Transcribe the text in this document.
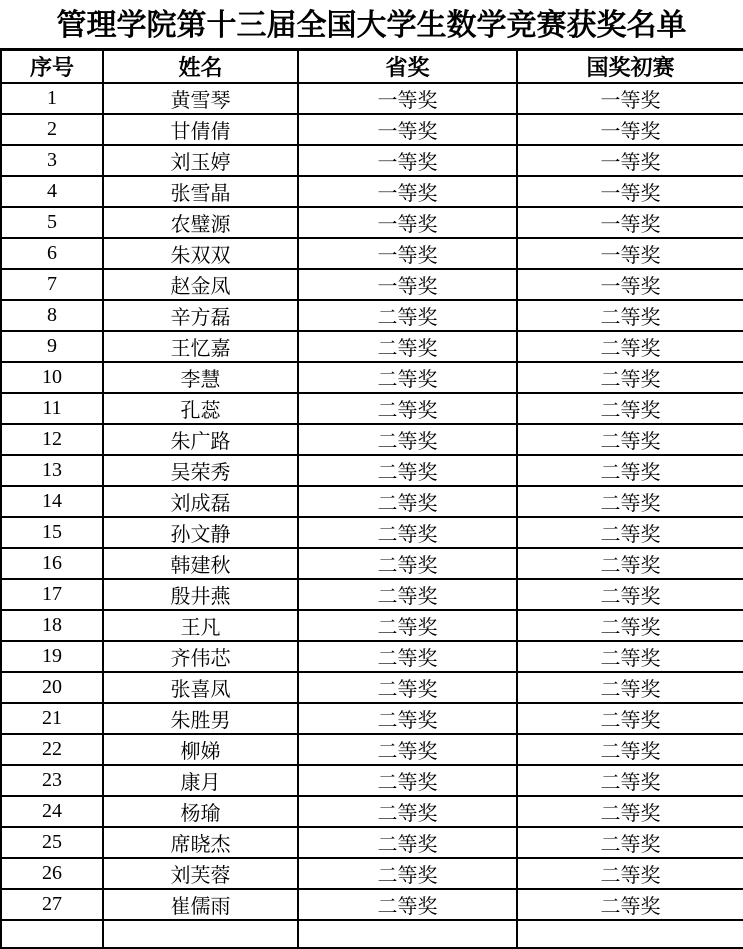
管理学院第十三届全国大学生数学竞赛获奖名单
序号	姓名	省奖	国奖初赛
1	黄雪琴	一等奖	一等奖
2	甘倩倩	一等奖	一等奖
3	刘玉婷	一等奖	一等奖
4	张雪晶	一等奖	一等奖
5	农璧源	一等奖	一等奖
6	朱双双	一等奖	一等奖
7	赵金凤	一等奖	一等奖
8	辛方磊	二等奖	二等奖
9	王忆嘉	二等奖	二等奖
10	李慧	二等奖	二等奖
11	孔蕊	二等奖	二等奖
12	朱广路	二等奖	二等奖
13	吴荣秀	二等奖	二等奖
14	刘成磊	二等奖	二等奖
15	孙文静	二等奖	二等奖
16	韩建秋	二等奖	二等奖
17	殷井燕	二等奖	二等奖
18	王凡	二等奖	二等奖
19	齐伟芯	二等奖	二等奖
20	张喜凤	二等奖	二等奖
21	朱胜男	二等奖	二等奖
22	柳娣	二等奖	二等奖
23	康月	二等奖	二等奖
24	杨瑜	二等奖	二等奖
25	席晓杰	二等奖	二等奖
26	刘芙蓉	二等奖	二等奖
27	崔儒雨	二等奖	二等奖
